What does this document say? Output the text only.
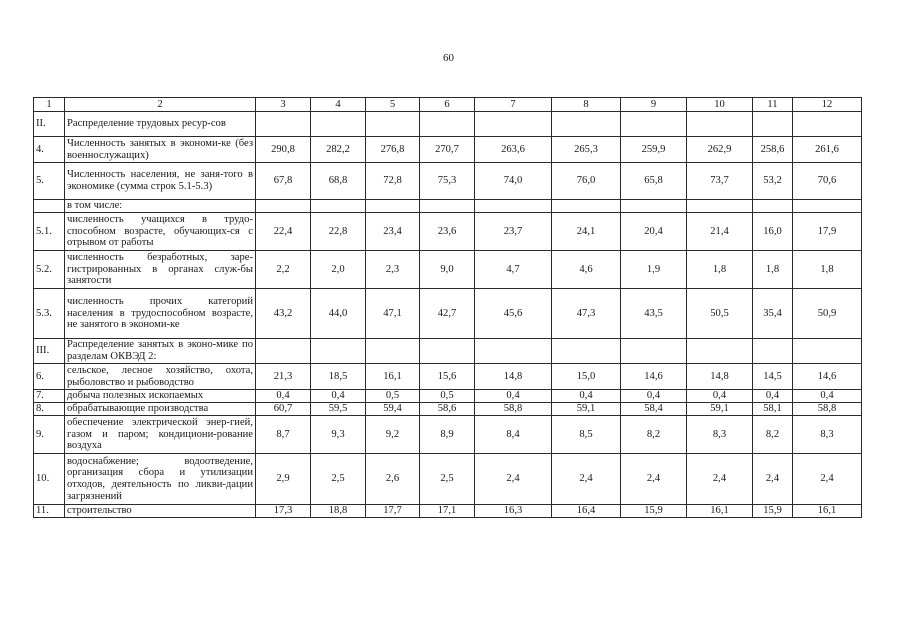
60
1	2	3	4	5	6	7	8	9	10	11	12
II.	Распределение трудовых ресур-сов										
4.	Численность занятых в экономи-ке (без военнослужащих)	290,8	282,2	276,8	270,7	263,6	265,3	259,9	262,9	258,6	261,6
5.	Численность населения, не заня-того в экономике (сумма строк 5.1-5.3)	67,8	68,8	72,8	75,3	74,0	76,0	65,8	73,7	53,2	70,6
	в том числе:										
5.1.	численность учащихся в трудо-способном возрасте, обучающих-ся с отрывом от работы	22,4	22,8	23,4	23,6	23,7	24,1	20,4	21,4	16,0	17,9
5.2.	численность безработных, заре-гистрированных в органах служ-бы занятости	2,2	2,0	2,3	9,0	4,7	4,6	1,9	1,8	1,8	1,8
5.3.	численность прочих категорий населения в трудоспособном возрасте, не занятого в экономи-ке	43,2	44,0	47,1	42,7	45,6	47,3	43,5	50,5	35,4	50,9
III.	Распределение занятых в эконо-мике по разделам ОКВЭД 2:										
6.	сельское, лесное хозяйство, охота, рыболовство и рыбоводство	21,3	18,5	16,1	15,6	14,8	15,0	14,6	14,8	14,5	14,6
7.	добыча полезных ископаемых	0,4	0,4	0,5	0,5	0,4	0,4	0,4	0,4	0,4	0,4
8.	обрабатывающие производства	60,7	59,5	59,4	58,6	58,8	59,1	58,4	59,1	58,1	58,8
9.	обеспечение электрической энер-гией, газом и паром; кондициони-рование воздуха	8,7	9,3	9,2	8,9	8,4	8,5	8,2	8,3	8,2	8,3
10.	водоснабжение; водоотведение, организация сбора и утилизации отходов, деятельность по ликви-дации загрязнений	2,9	2,5	2,6	2,5	2,4	2,4	2,4	2,4	2,4	2,4
11.	строительство	17,3	18,8	17,7	17,1	16,3	16,4	15,9	16,1	15,9	16,1
